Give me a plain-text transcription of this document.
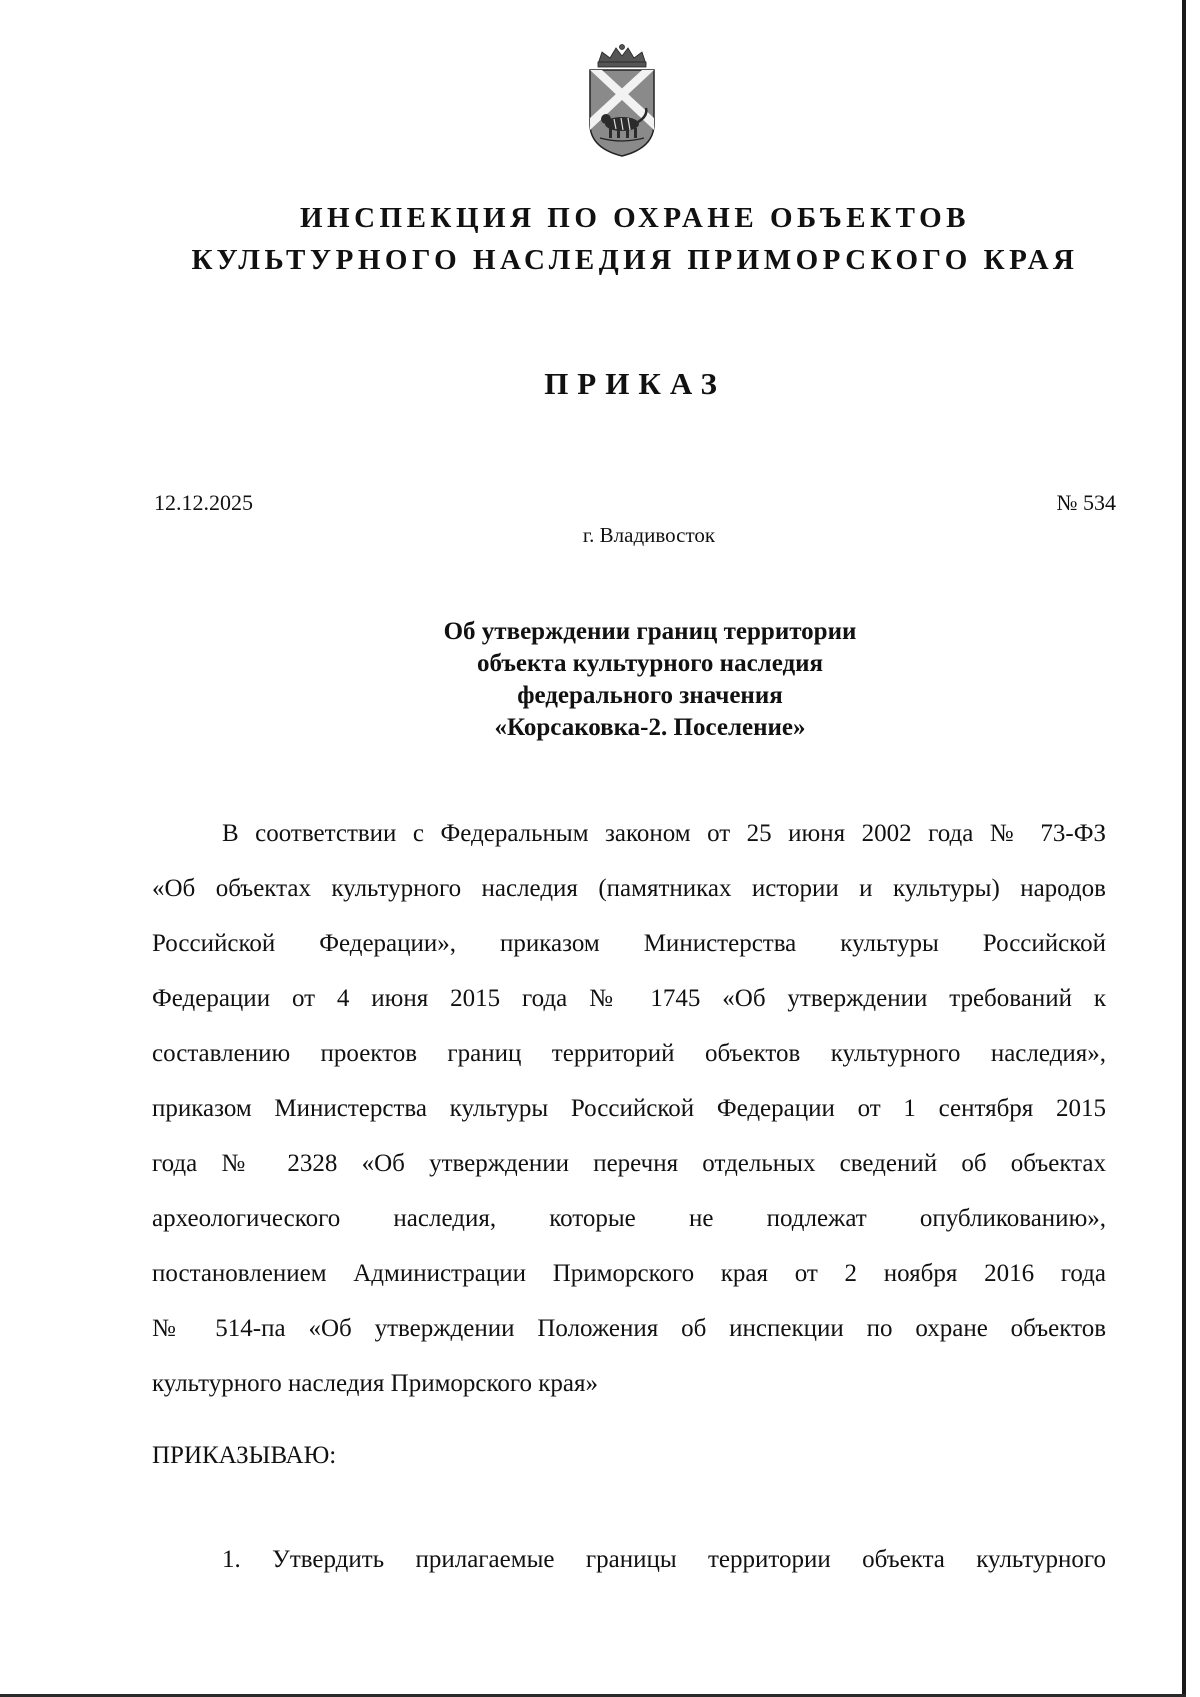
ИНСПЕКЦИЯ ПО ОХРАНЕ ОБЪЕКТОВ
КУЛЬТУРНОГО НАСЛЕДИЯ ПРИМОРСКОГО КРАЯ
ПРИКАЗ
12.12.2025	№ 534
г. Владивосток
Об утверждении границ территории
объекта культурного наследия
федерального значения
«Корсаковка-2. Поселение»
В соответствии с Федеральным законом от 25 июня 2002 года № 73-ФЗ
«Об объектах культурного наследия (памятниках истории и культуры) народов
Российской Федерации», приказом Министерства культуры Российской
Федерации от 4 июня 2015 года № 1745 «Об утверждении требований к
составлению проектов границ территорий объектов культурного наследия»,
приказом Министерства культуры Российской Федерации от 1 сентября 2015
года № 2328 «Об утверждении перечня отдельных сведений об объектах
археологического наследия, которые не подлежат опубликованию»,
постановлением Администрации Приморского края от 2 ноября 2016 года
№ 514-па «Об утверждении Положения об инспекции по охране объектов
культурного наследия Приморского края»
ПРИКАЗЫВАЮ:
1. Утвердить прилагаемые границы территории объекта культурного
